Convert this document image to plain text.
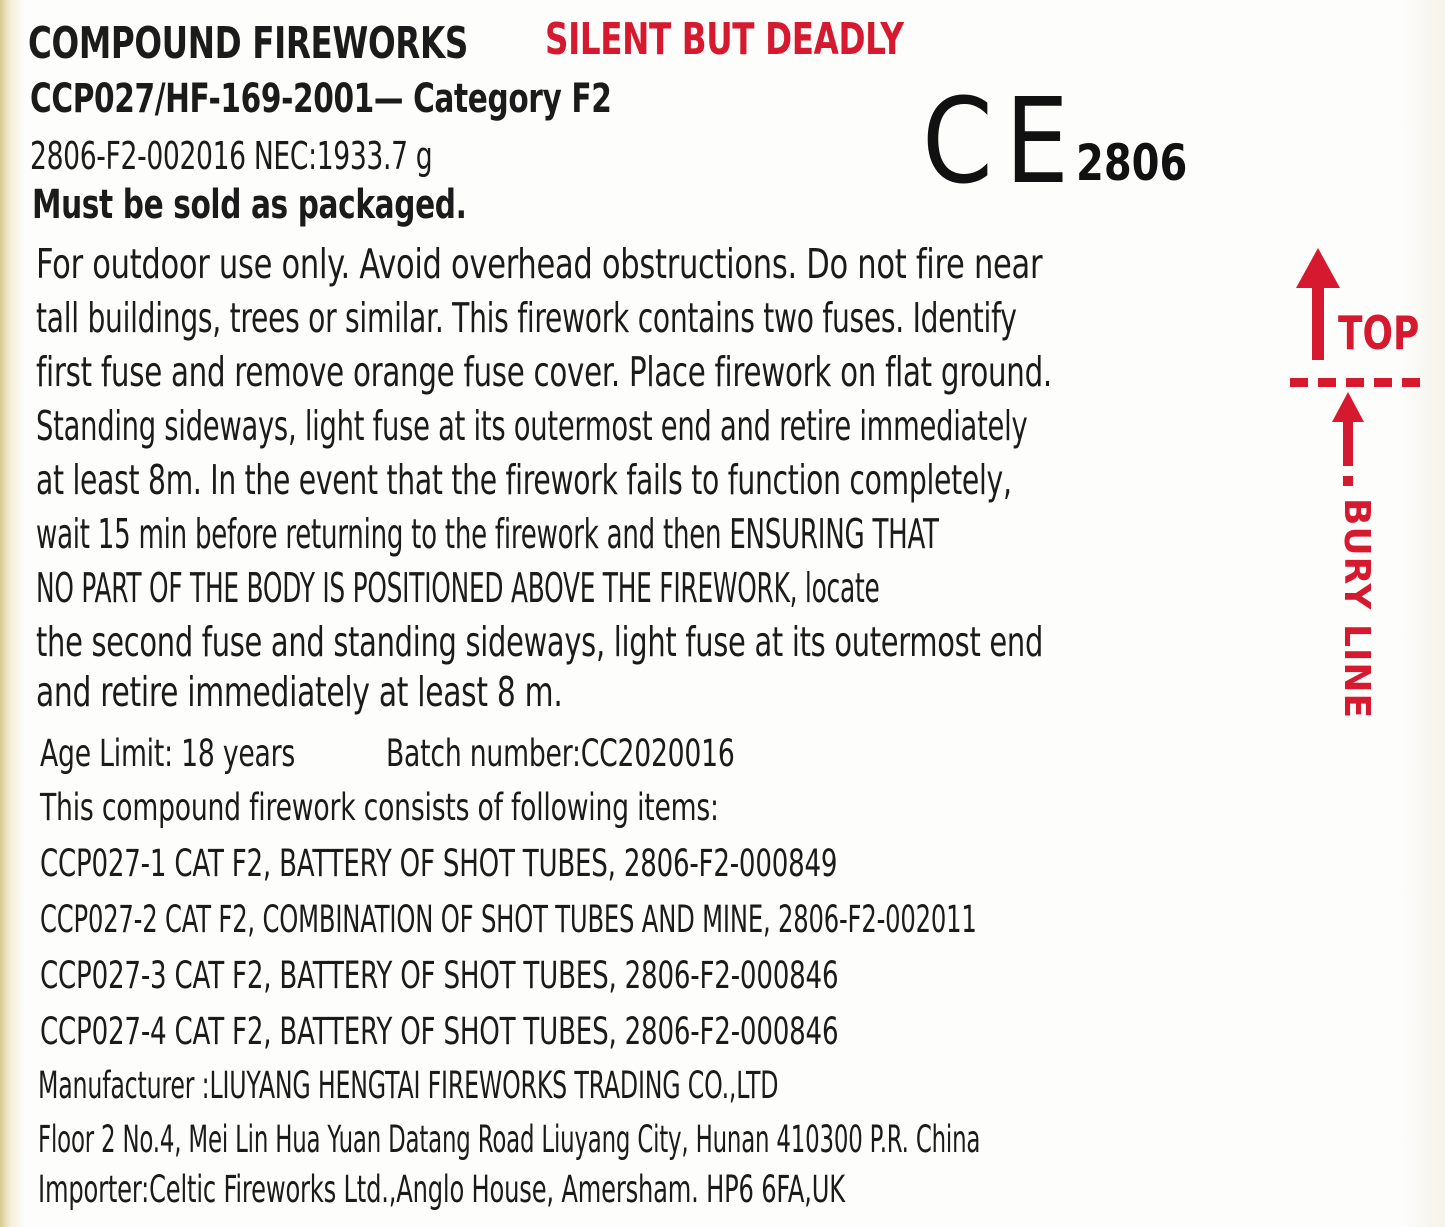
COMPOUND FIREWORKS SILENT BUT DEADLY
CCP027/HF-169-2001— Category F2
2806-F2-002016 NEC:1933.7 g
Must be sold as packaged.	CE
2806
For outdoor use only. Avoid overhead obstructions. Do not fire near
tall buildings, trees or similar. This firework contains two fuses. Identify
first fuse and remove orange fuse cover. Place firework on flat ground.
Standing sideways, light fuse at its outermost end and retire immediately
at least 8m. In the event that the firework fails to function completely,
wait 15 min before returning to the firework and then ENSURING THAT
NO PART OF THE BODY IS POSITIONED ABOVE THE FIREWORK, locate
the second fuse and standing sideways, light fuse at its outermost end
and retire immediately at least 8 m.
Age Limit: 18 years Batch number:CC2020016
This compound firework consists of following items:
CCP027-1 CAT F2, BATTERY OF SHOT TUBES, 2806-F2-000849
CCP027-2 CAT F2, COMBINATION OF SHOT TUBES AND MINE, 2806-F2-002011
CCP027-3 CAT F2, BATTERY OF SHOT TUBES, 2806-F2-000846
CCP027-4 CAT F2, BATTERY OF SHOT TUBES, 2806-F2-000846
Manufacturer :LIUYANG HENGTAI FIREWORKS TRADING CO.,LTD
Floor 2 No.4, Mei Lin Hua Yuan Datang Road Liuyang City, Hunan 410300 P.R. China
Importer:Celtic Fireworks Ltd.,Anglo House, Amersham. HP6 6FA,UK
TOP
BURY LINE
